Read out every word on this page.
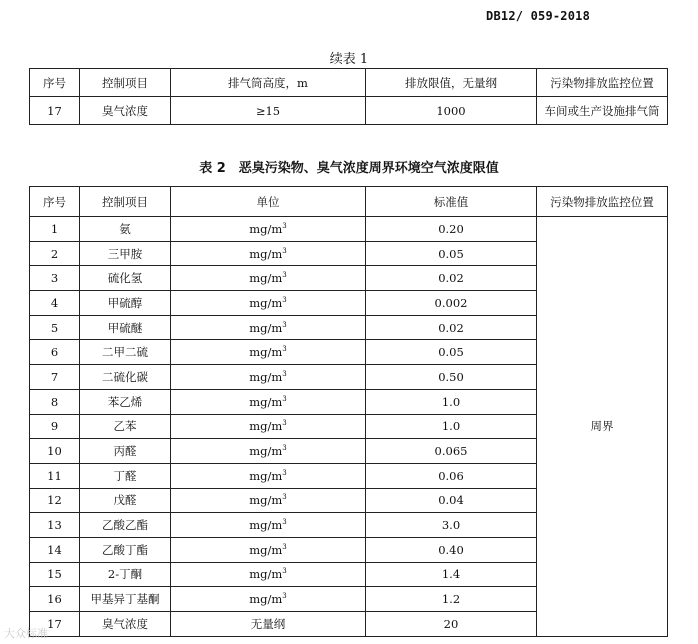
DB12/ 059-2018
续表 1
序号	控制项目	排气筒高度，m	排放限值，无量纲	污染物排放监控位置
17	臭气浓度	≥15	1000	车间或生产设施排气筒
表 2　恶臭污染物、臭气浓度周界环境空气浓度限值
序号	控制项目	单位	标准值	污染物排放监控位置
1	氨	$mg/m^3$	0.20	周界
2	三甲胺	$mg/m^3$	0.05	
3	硫化氢	$mg/m^3$	0.02	
4	甲硫醇	$mg/m^3$	0.002	
5	甲硫醚	$mg/m^3$	0.02	
6	二甲二硫	$mg/m^3$	0.05	
7	二硫化碳	$mg/m^3$	0.50	
8	苯乙烯	$mg/m^3$	1.0	
9	乙苯	$mg/m^3$	1.0	
10	丙醛	$mg/m^3$	0.065	
11	丁醛	$mg/m^3$	0.06	
12	戊醛	$mg/m^3$	0.04	
13	乙酸乙酯	$mg/m^3$	3.0	
14	乙酸丁酯	$mg/m^3$	0.40	
15	2-丁酮	$mg/m^3$	1.4	
16	甲基异丁基酮	$mg/m^3$	1.2	
17	臭气浓度	无量纲	20	
大众标准
